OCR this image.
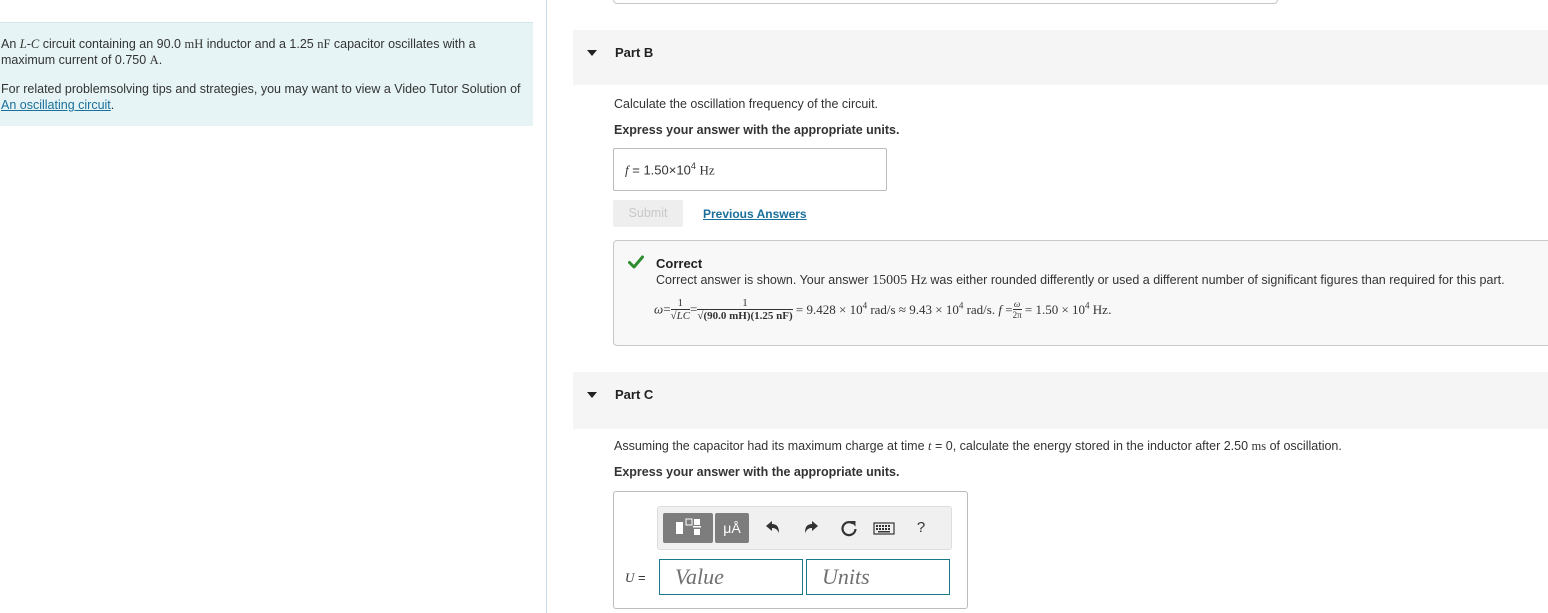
An L-C circuit containing an 90.0 mH inductor and a 1.25 nF capacitor oscillates with a maximum current of 0.750 A.

For related problemsolving tips and strategies, you may want to view a Video Tutor Solution of An oscillating circuit.

Part B
Calculate the oscillation frequency of the circuit.
Express your answer with the appropriate units.
$f = 1.50\times 10^4$ Hz
Submit	Previous Answers
Correct
Correct answer is shown. Your answer 15005 Hz was either rounded differently or used a different number of significant figures than required for this part.
$\omega= \frac{1}{√LC} = \frac{1}{√(90.0 mH)(1.25 nF)} = 9.428 \times 10^4$ $rad/s \approx 9.43 \times 10^4$ rad/s. $f = \frac{\omega}{2\pi} = 1.50 \times 10^4$ Hz.
Part C
Assuming the capacitor had its maximum charge at time t = 0, calculate the energy stored in the inductor after 2.50 ms of oscillation.
Express your answer with the appropriate units.
μÅ	?
U =
Value
Units
